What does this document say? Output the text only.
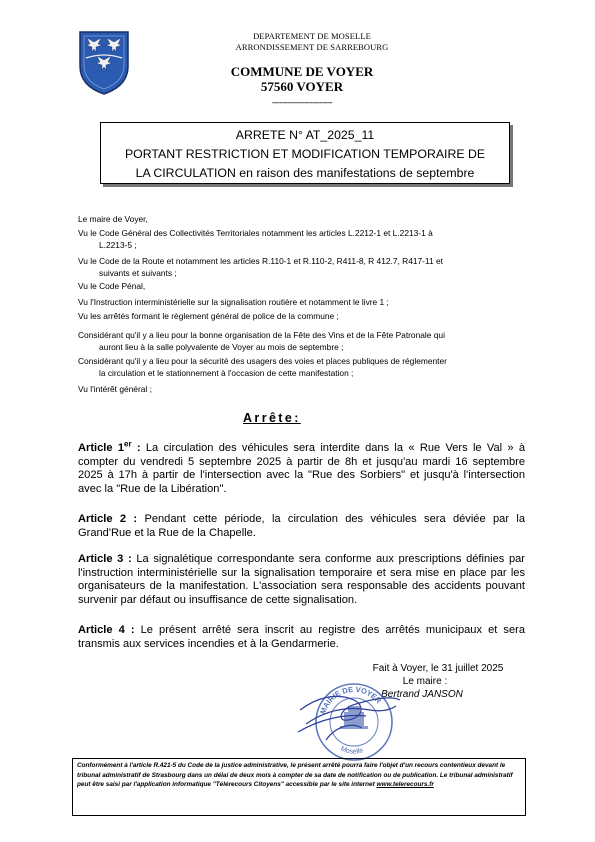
DEPARTEMENT DE MOSELLE
ARRONDISSEMENT DE SARREBOURG
COMMUNE DE VOYER
57560 VOYER
------------------------
ARRETE N° AT_2025_11
PORTANT RESTRICTION ET MODIFICATION TEMPORAIRE DE
LA CIRCULATION en raison des manifestations de septembre
Le maire de Voyer,
Vu le Code Général des Collectivités Territoriales notamment les articles L.2212-1 et L.2213-1 à
L.2213-5 ;
Vu le Code de la Route et notamment les articles R.110-1 et R.110-2, R411-8, R 412.7, R417-11 et
suivants et suivants ;
Vu le Code Pénal,
Vu l'Instruction interministérielle sur la signalisation routière et notamment le livre 1 ;
Vu les arrêtés formant le règlement général de police de la commune ;
Considérant qu'il y a lieu pour la bonne organisation de la Fête des Vins et de la Fête Patronale qui
auront lieu à la salle polyvalente de Voyer au mois de septembre ;
Considérant qu'il y a lieu pour la sécurité des usagers des voies et places publiques de réglementer
la circulation et le stationnement à l'occasion de cette manifestation ;
Vu l'intérêt général ;
Arrête:
Article 1er : La circulation des véhicules sera interdite dans la « Rue Vers le Val » à compter du vendredi 5 septembre 2025 à partir de 8h et jusqu'au mardi 16 septembre 2025 à 17h à partir de l'intersection avec la "Rue des Sorbiers" et jusqu'à l'intersection avec la "Rue de la Libération".
Article 2 : Pendant cette période, la circulation des véhicules sera déviée par la Grand'Rue et la Rue de la Chapelle.
Article 3 : La signalétique correspondante sera conforme aux prescriptions définies par l'instruction interministérielle sur la signalisation temporaire et sera mise en place par les organisateurs de la manifestation. L'association sera responsable des accidents pouvant survenir par défaut ou insuffisance de cette signalisation.
Article 4 : Le présent arrêté sera inscrit au registre des arrêtés municipaux et sera transmis aux services incendies et à la Gendarmerie.
Fait à Voyer, le 31 juillet 2025
Le maire :
Bertrand JANSON
MAIRIE DE VOYER
Moselle
Conformément à l'article R.421-5 du Code de la justice administrative, le présent arrêté pourra faire l'objet d'un recours contentieux devant le tribunal administratif de Strasbourg dans un délai de deux mois à compter de sa date de notification ou de publication. Le tribunal administratif peut être saisi par l'application informatique "Télérecours Citoyens" accessible par le site internet www.telerecours.fr
